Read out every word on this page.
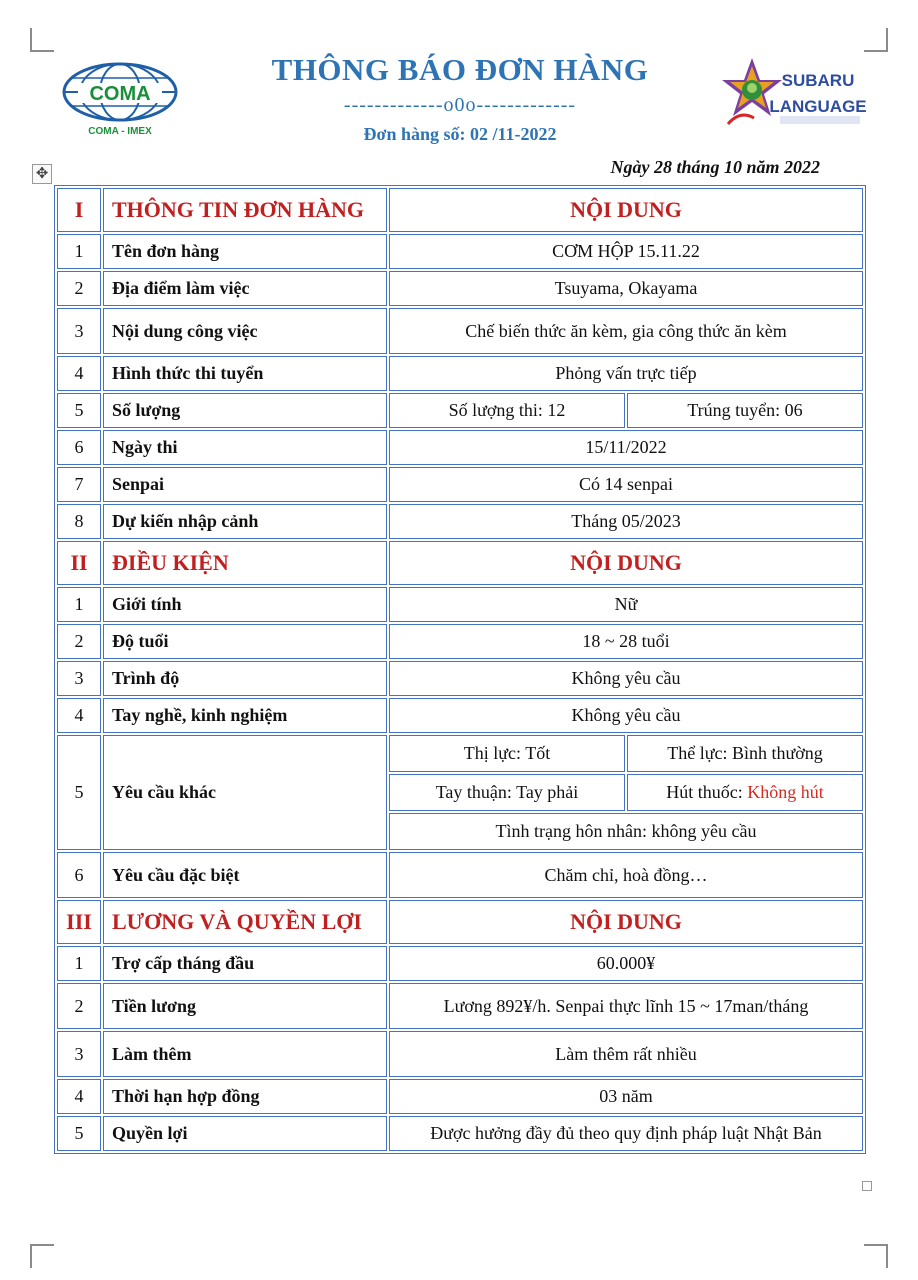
COMA
COMA - IMEX
SUBARU
LANGUAGE
THÔNG BÁO ĐƠN HÀNG
-------------o0o-------------
Đơn hàng số: 02 /11-2022
Ngày 28 tháng 10 năm 2022
✥
I	THÔNG TIN ĐƠN HÀNG	NỘI DUNG	
1	Tên đơn hàng	CƠM HỘP 15.11.22	
2	Địa điểm làm việc	Tsuyama, Okayama	
3	Nội dung công việc	Chế biến thức ăn kèm, gia công thức ăn kèm	
4	Hình thức thi tuyển	Phỏng vấn trực tiếp	
5	Số lượng	Số lượng thi: 12	Trúng tuyển: 06
6	Ngày thi	15/11/2022	
7	Senpai	Có 14 senpai	
8	Dự kiến nhập cảnh	Tháng 05/2023	
II	ĐIỀU KIỆN	NỘI DUNG	
1	Giới tính	Nữ	
2	Độ tuổi	18 ~ 28 tuổi	
3	Trình độ	Không yêu cầu	
4	Tay nghề, kinh nghiệm	Không yêu cầu	
5	Yêu cầu khác	Thị lực: Tốt	Thể lực: Bình thường
		Tay thuận: Tay phải	Hút thuốc: Không hút
		Tình trạng hôn nhân: không yêu cầu	
6	Yêu cầu đặc biệt	Chăm chỉ, hoà đồng…	
III	LƯƠNG VÀ QUYỀN LỢI	NỘI DUNG	
1	Trợ cấp tháng đầu	60.000¥	
2	Tiền lương	Lương 892¥/h. Senpai thực lĩnh 15 ~ 17man/tháng	
3	Làm thêm	Làm thêm rất nhiều	
4	Thời hạn hợp đồng	03 năm	
5	Quyền lợi	Được hưởng đầy đủ theo quy định pháp luật Nhật Bản	
